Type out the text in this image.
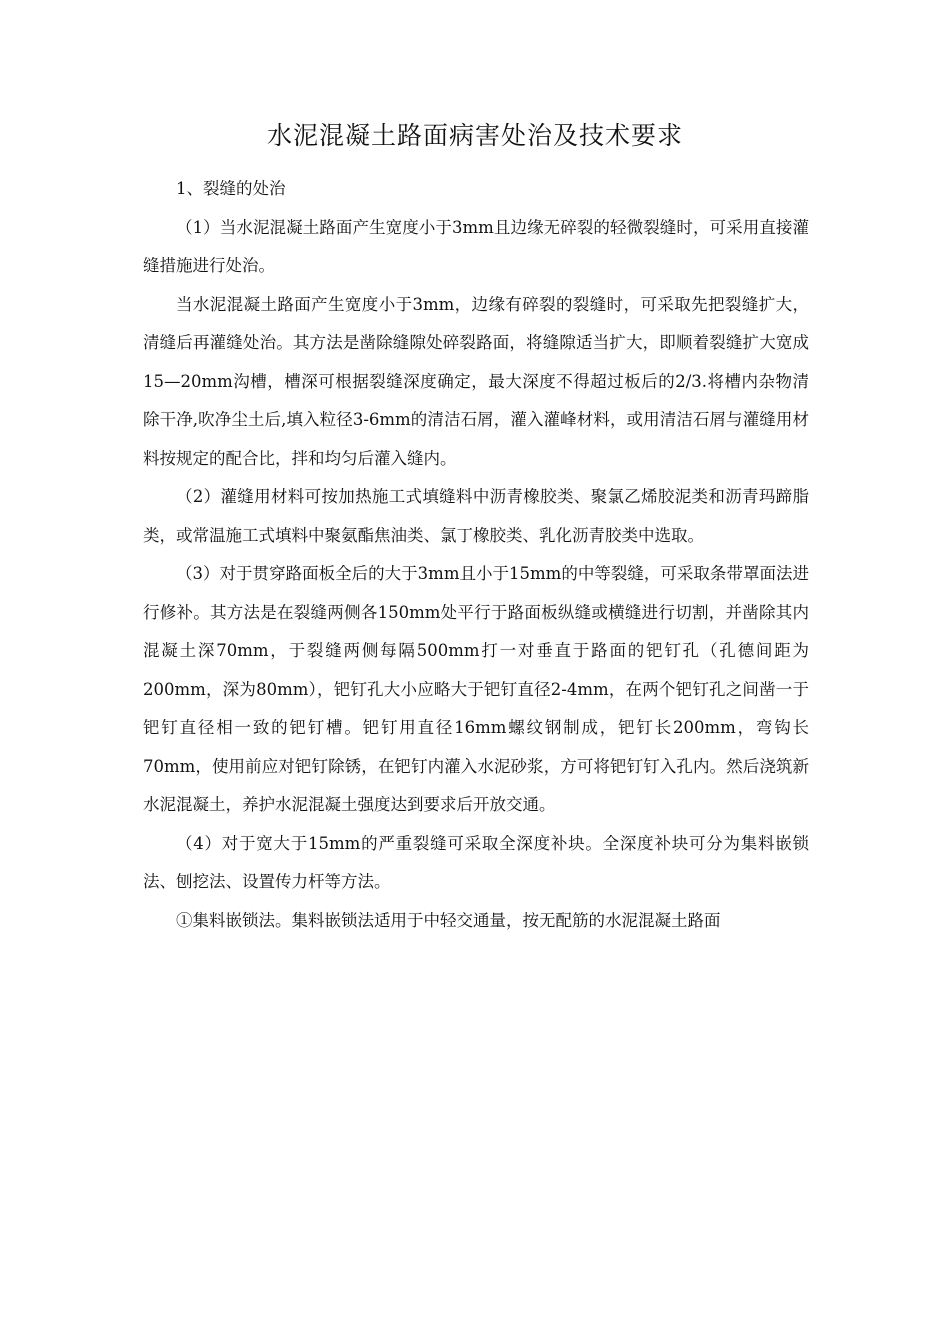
水泥混凝土路面病害处治及技术要求

1、裂缝的处治

（1）当水泥混凝土路面产生宽度小于3mm且边缘无碎裂的轻微裂缝时，可采用直接灌缝措施进行处治。

当水泥混凝土路面产生宽度小于3mm，边缘有碎裂的裂缝时，可采取先把裂缝扩大，清缝后再灌缝处治。其方法是凿除缝隙处碎裂路面，将缝隙适当扩大，即顺着裂缝扩大宽成15—20mm沟槽，槽深可根据裂缝深度确定，最大深度不得超过板后的2/3.将槽内杂物清除干净,吹净尘土后,填入粒径3-6mm的清洁石屑，灌入灌峰材料，或用清洁石屑与灌缝用材料按规定的配合比，拌和均匀后灌入缝内。

（2）灌缝用材料可按加热施工式填缝料中沥青橡胶类、聚氯乙烯胶泥类和沥青玛蹄脂类，或常温施工式填料中聚氨酯焦油类、氯丁橡胶类、乳化沥青胶类中选取。

（3）对于贯穿路面板全后的大于3mm且小于15mm的中等裂缝，可采取条带罩面法进行修补。其方法是在裂缝两侧各150mm处平行于路面板纵缝或横缝进行切割，并凿除其内混凝土深70mm，于裂缝两侧每隔500mm打一对垂直于路面的钯钉孔（孔德间距为200mm，深为80mm），钯钉孔大小应略大于钯钉直径2-4mm，在两个钯钉孔之间凿一于钯钉直径相一致的钯钉槽。钯钉用直径16mm螺纹钢制成，钯钉长200mm，弯钩长70mm，使用前应对钯钉除锈，在钯钉内灌入水泥砂浆，方可将钯钉钉入孔内。然后浇筑新水泥混凝土，养护水泥混凝土强度达到要求后开放交通。

（4）对于宽大于15mm的严重裂缝可采取全深度补块。全深度补块可分为集料嵌锁法、刨挖法、设置传力杆等方法。

①集料嵌锁法。集料嵌锁法适用于中轻交通量，按无配筋的水泥混凝土路面
